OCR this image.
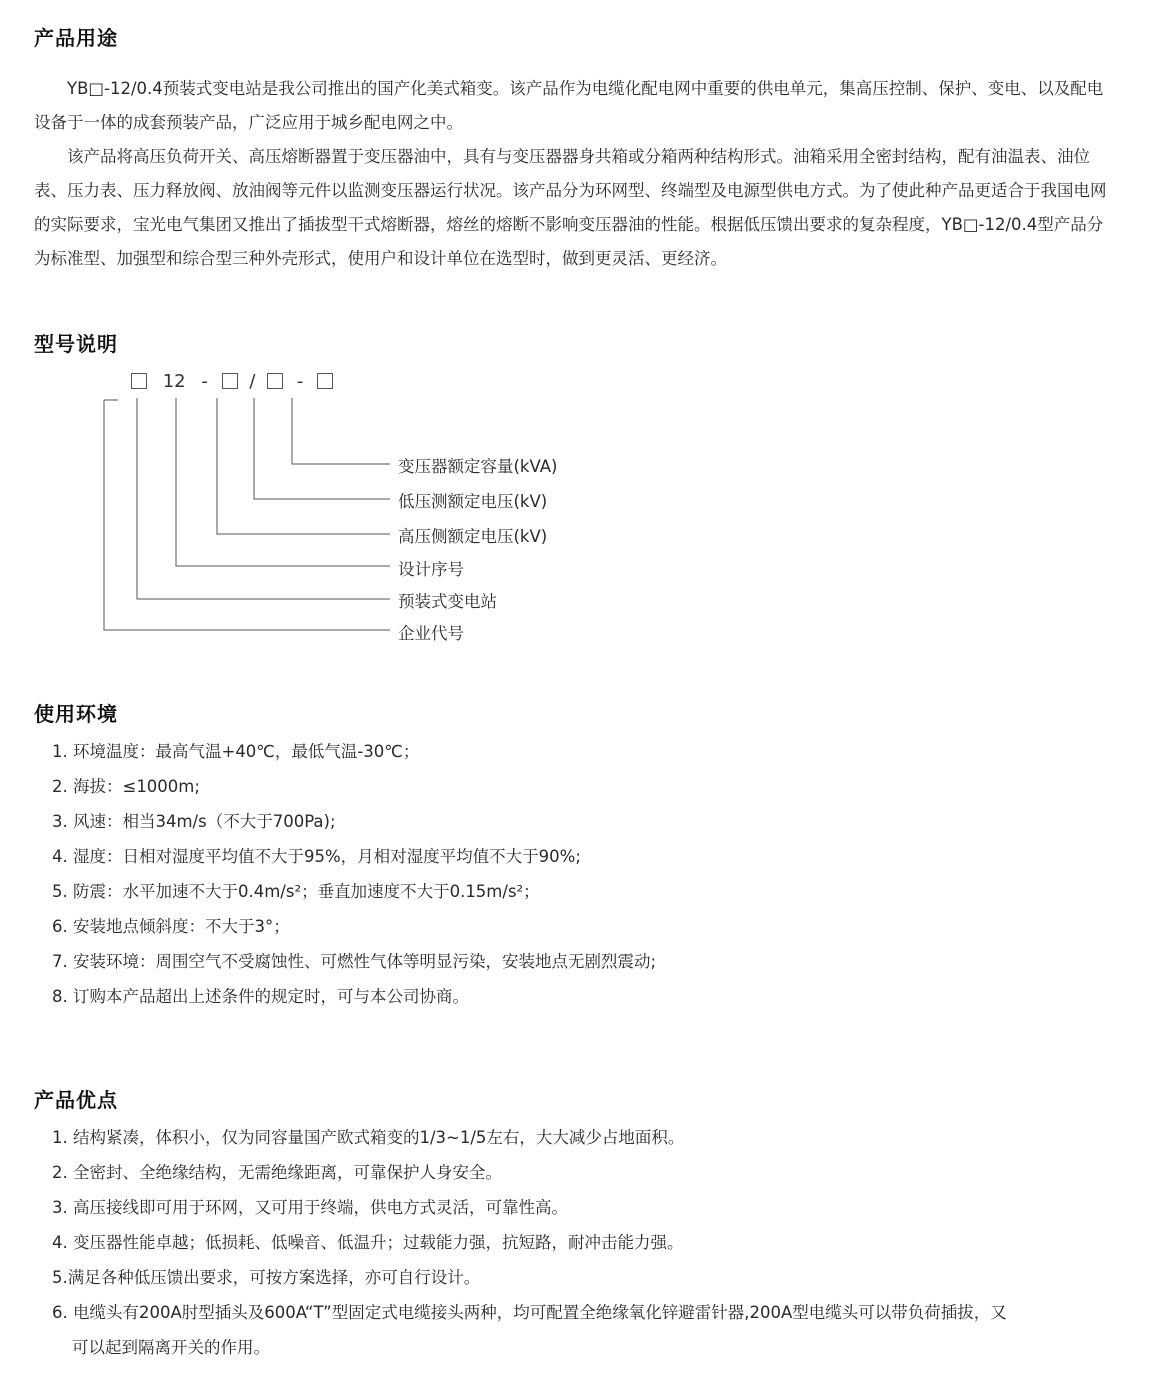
产品用途

YB□-12/0.4预装式变电站是我公司推出的国产化美式箱变。该产品作为电缆化配电网中重要的供电单元，集高压控制、保护、变电、以及配电设备于一体的成套预装产品，广泛应用于城乡配电网之中。

该产品将高压负荷开关、高压熔断器置于变压器油中，具有与变压器器身共箱或分箱两种结构形式。油箱采用全密封结构，配有油温表、油位表、压力表、压力释放阀、放油阀等元件以监测变压器运行状况。该产品分为环网型、终端型及电源型供电方式。为了使此种产品更适合于我国电网的实际要求，宝光电气集团又推出了插拔型干式熔断器，熔丝的熔断不影响变压器油的性能。根据低压馈出要求的复杂程度，YB□-12/0.4型产品分为标准型、加强型和综合型三种外壳形式，使用户和设计单位在选型时，做到更灵活、更经济。

型号说明
12 - / -
变压器额定容量(kVA)
低压测额定电压(kV)
高压侧额定电压(kV)
设计序号
预装式变电站
企业代号
使用环境
1. 环境温度：最高气温+40℃，最低气温-30℃；
2. 海拔：≤1000m;
3. 风速：相当34m/s（不大于700Pa);
4. 湿度：日相对湿度平均值不大于95%，月相对湿度平均值不大于90%;
5. 防震：水平加速不大于0.4m/s²；垂直加速度不大于0.15m/s²；
6. 安装地点倾斜度：不大于3°；
7. 安装环境：周围空气不受腐蚀性、可燃性气体等明显污染，安装地点无剧烈震动;
8. 订购本产品超出上述条件的规定时，可与本公司协商。
产品优点
1. 结构紧凑，体积小，仅为同容量国产欧式箱变的1/3~1/5左右，大大减少占地面积。
2. 全密封、全绝缘结构，无需绝缘距离，可靠保护人身安全。
3. 高压接线即可用于环网，又可用于终端，供电方式灵活，可靠性高。
4. 变压器性能卓越；低损耗、低噪音、低温升；过载能力强，抗短路，耐冲击能力强。
5.满足各种低压馈出要求，可按方案选择，亦可自行设计。
6. 电缆头有200A肘型插头及600A“T”型固定式电缆接头两种，均可配置全绝缘氧化锌避雷针器,200A型电缆头可以带负荷插拔，又
可以起到隔离开关的作用。
